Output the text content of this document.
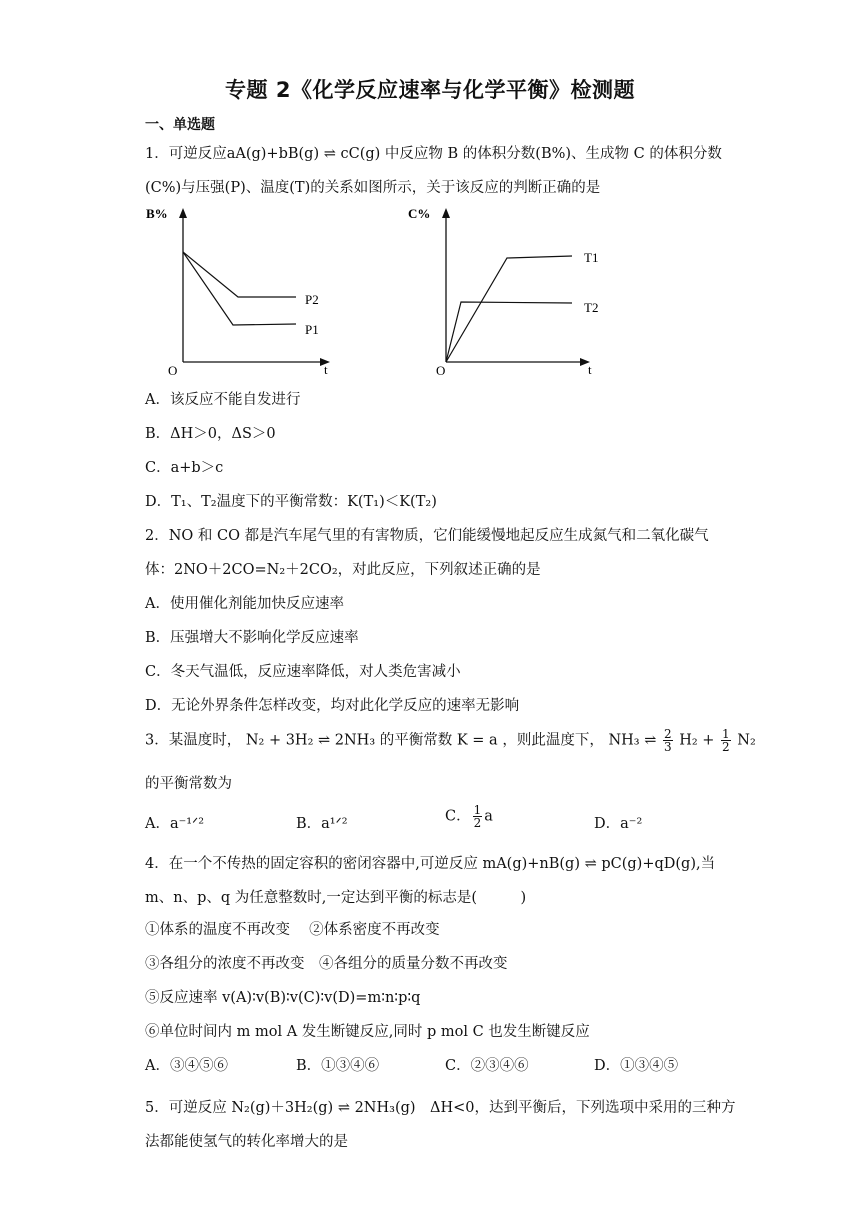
专题 2《化学反应速率与化学平衡》检测题
一、单选题
1．可逆反应aA(g)+bB(g) ⇌ cC(g) 中反应物 B 的体积分数(B%)、生成物 C 的体积分数
(C%)与压强(P)、温度(T)的关系如图所示，关于该反应的判断正确的是
B%
O	t
P2
P1
C%
O	t
T1
T2
A．该反应不能自发进行
B．ΔH＞0，ΔS＞0
C．a+b＞c
D．T₁、T₂温度下的平衡常数：K(T₁)＜K(T₂)
2．NO 和 CO 都是汽车尾气里的有害物质，它们能缓慢地起反应生成氮气和二氧化碳气
体：2NO＋2CO=N₂＋2CO₂，对此反应，下列叙述正确的是
A．使用催化剂能加快反应速率
B．压强增大不影响化学反应速率
C．冬天气温低，反应速率降低，对人类危害减小
D．无论外界条件怎样改变，均对此化学反应的速率无影响
3．某温度时， N₂ + 3H₂ ⇌ 2NH₃ 的平衡常数 K = a ，则此温度下， NH₃ ⇌ $\frac{2}{3} H_2 + \frac{1}{2} N_2$
的平衡常数为
A．a⁻¹ᐟ²	B．a¹ᐟ²	C． $\frac{1}{2}$ a	D．a⁻²
4．在一个不传热的固定容积的密闭容器中,可逆反应 mA(g)+nB(g) ⇌ pC(g)+qD(g),当
m、n、p、q 为任意整数时,一定达到平衡的标志是(　　　)
①体系的温度不再改变　 ②体系密度不再改变
③各组分的浓度不再改变　④各组分的质量分数不再改变
⑤反应速率 v(A)∶v(B)∶v(C)∶v(D)=m∶n∶p∶q
⑥单位时间内 m mol A 发生断键反应,同时 p mol C 也发生断键反应
A．③④⑤⑥	B．①③④⑥	C．②③④⑥	D．①③④⑤
5．可逆反应 N₂(g)＋3H₂(g) ⇌ 2NH₃(g)　ΔH<0，达到平衡后，下列选项中采用的三种方
法都能使氢气的转化率增大的是
